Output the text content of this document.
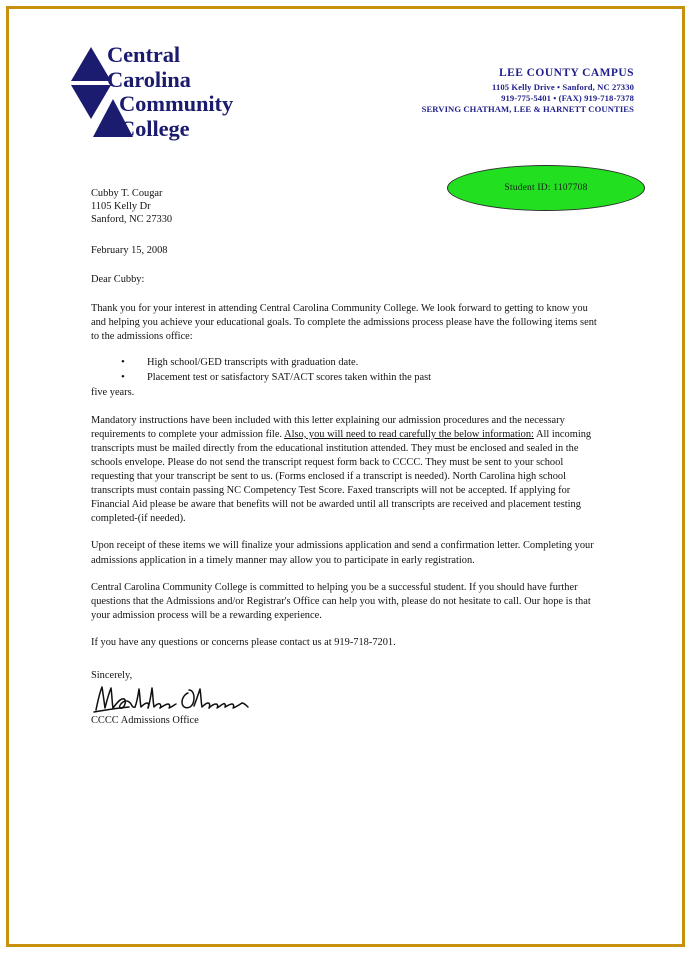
Central
Carolina
Community
College
LEE COUNTY CAMPUS
1105 Kelly Drive • Sanford, NC 27330
919-775-5401 • (FAX) 919-718-7378
SERVING CHATHAM, LEE & HARNETT COUNTIES
Student ID: 1107708
Cubby T. Cougar
1105 Kelly Dr
Sanford, NC 27330
February 15, 2008
Dear Cubby:
Thank you for your interest in attending Central Carolina Community College. We look forward to getting to know you and helping you achieve your educational goals. To complete the admissions process please have the following items sent to the admissions office:
• High school/GED transcripts with graduation date.
• Placement test or satisfactory SAT/ACT scores taken within the past
five years.
Mandatory instructions have been included with this letter explaining our admission procedures and the necessary requirements to complete your admission file. Also, you will need to read carefully the below information: All incoming transcripts must be mailed directly from the educational institution attended. They must be enclosed and sealed in the schools envelope. Please do not send the transcript request form back to CCCC. They must be sent to your school requesting that your transcript be sent to us. (Forms enclosed if a transcript is needed). North Carolina high school transcripts must contain passing NC Competency Test Score. Faxed transcripts will not be accepted. If applying for Financial Aid please be aware that benefits will not be awarded until all transcripts are received and placement testing completed-(if needed).
Upon receipt of these items we will finalize your admissions application and send a confirmation letter. Completing your admissions application in a timely manner may allow you to participate in early registration.
Central Carolina Community College is committed to helping you be a successful student. If you should have further questions that the Admissions and/or Registrar's Office can help you with, please do not hesitate to call. Our hope is that your admission process will be a rewarding experience.
If you have any questions or concerns please contact us at 919-718-7201.
Sincerely,
CCCC Admissions Office
